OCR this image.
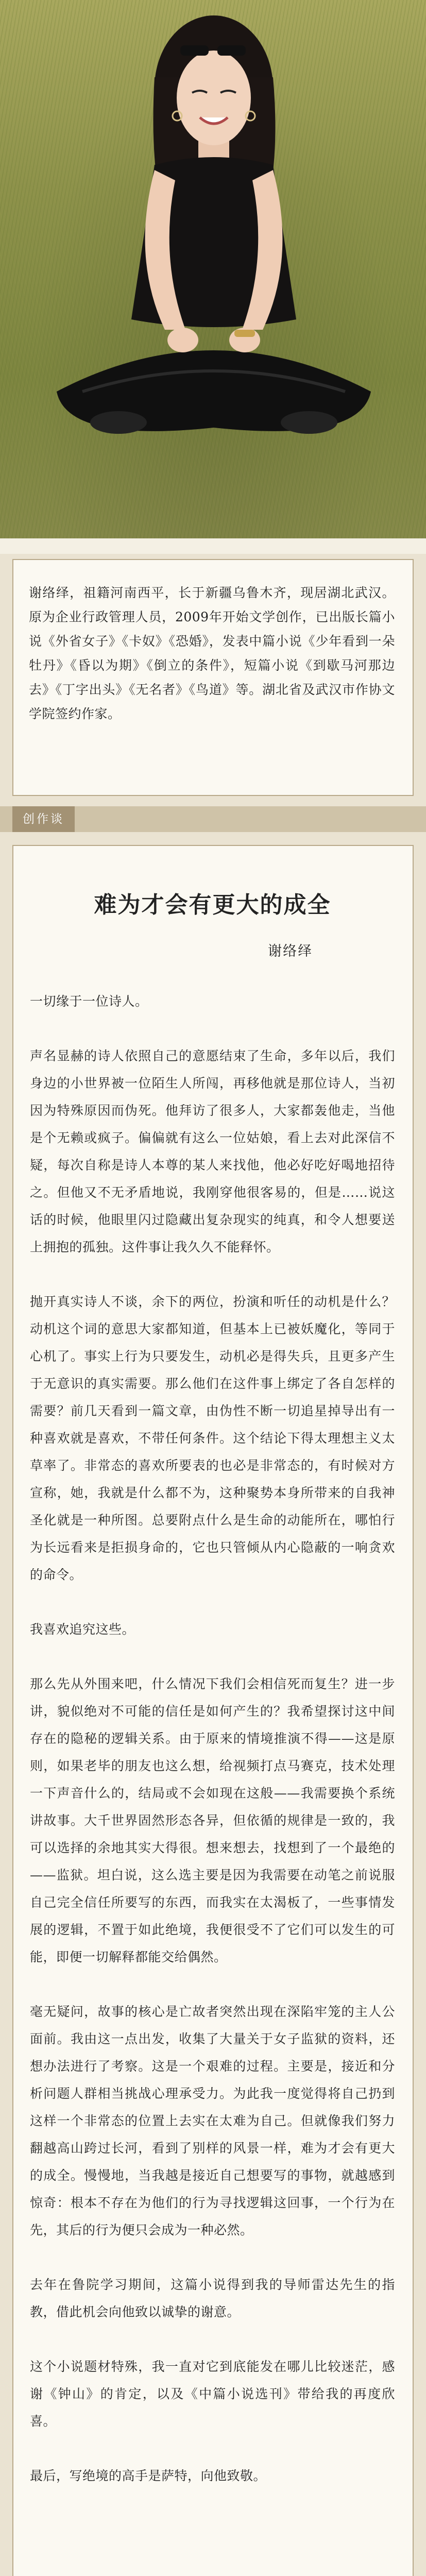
谢络绎，祖籍河南西平，长于新疆乌鲁木齐，现居湖北武汉。原为企业行政管理人员，2009年开始文学创作，已出版长篇小说《外省女子》《卡奴》《恐婚》，发表中篇小说《少年看到一朵牡丹》《昏以为期》《倒立的条件》，短篇小说《到歇马河那边去》《丁字出头》《无名者》《鸟道》等。湖北省及武汉市作协文学院签约作家。

创作谈
难为才会有更大的成全
谢络绎

一切缘于一位诗人。

声名显赫的诗人依照自己的意愿结束了生命，多年以后，我们身边的小世界被一位陌生人所闯，再移他就是那位诗人，当初因为特殊原因而伪死。他拜访了很多人，大家都轰他走，当他是个无赖或疯子。偏偏就有这么一位姑娘，看上去对此深信不疑，每次自称是诗人本尊的某人来找他，他必好吃好喝地招待之。但他又不无矛盾地说，我刚穿他很客易的，但是……说这话的时候，他眼里闪过隐藏出复杂现实的纯真，和令人想要送上拥抱的孤独。这件事让我久久不能释怀。

抛开真实诗人不谈，余下的两位，扮演和听任的动机是什么？动机这个词的意思大家都知道，但基本上已被妖魔化，等同于心机了。事实上行为只要发生，动机必是得失兵，且更多产生于无意识的真实需要。那么他们在这件事上绑定了各自怎样的需要？前几天看到一篇文章，由伪性不断一切追星掉导出有一种喜欢就是喜欢，不带任何条件。这个结论下得太理想主义太草率了。非常态的喜欢所要表的也必是非常态的，有时候对方宣称，她，我就是什么都不为，这种聚势本身所带来的自我神圣化就是一种所图。总要附点什么是生命的动能所在，哪怕行为长远看来是拒损身命的，它也只管倾从内心隐蔽的一响贪欢的命令。

我喜欢追究这些。

那么先从外围来吧，什么情况下我们会相信死而复生？进一步讲，貌似绝对不可能的信任是如何产生的？我希望探讨这中间存在的隐秘的逻辑关系。由于原来的情境推演不得——这是原则，如果老毕的朋友也这么想，给视频打点马赛克，技术处理一下声音什么的，结局或不会如现在这般——我需要换个系统讲故事。大千世界固然形态各异，但依循的规律是一致的，我可以选择的余地其实大得很。想来想去，找想到了一个最绝的——监狱。坦白说，这么选主要是因为我需要在动笔之前说服自己完全信任所要写的东西，而我实在太渴板了，一些事情发展的逻辑，不置于如此绝境，我便很受不了它们可以发生的可能，即便一切解释都能交给偶然。

毫无疑问，故事的核心是亡故者突然出现在深陷牢笼的主人公面前。我由这一点出发，收集了大量关于女子监狱的资料，还想办法进行了考察。这是一个艰难的过程。主要是，接近和分析问题人群相当挑战心理承受力。为此我一度觉得将自己扔到这样一个非常态的位置上去实在太难为自己。但就像我们努力翻越高山跨过长河，看到了别样的风景一样，难为才会有更大的成全。慢慢地，当我越是接近自己想要写的事物，就越感到惊奇：根本不存在为他们的行为寻找逻辑这回事，一个行为在先，其后的行为便只会成为一种必然。

去年在鲁院学习期间，这篇小说得到我的导师雷达先生的指教，借此机会向他致以诚挚的谢意。

这个小说题材特殊，我一直对它到底能发在哪儿比较迷茫，感谢《钟山》的肯定，以及《中篇小说选刊》带给我的再度欣喜。

最后，写绝境的高手是萨特，向他致敬。
